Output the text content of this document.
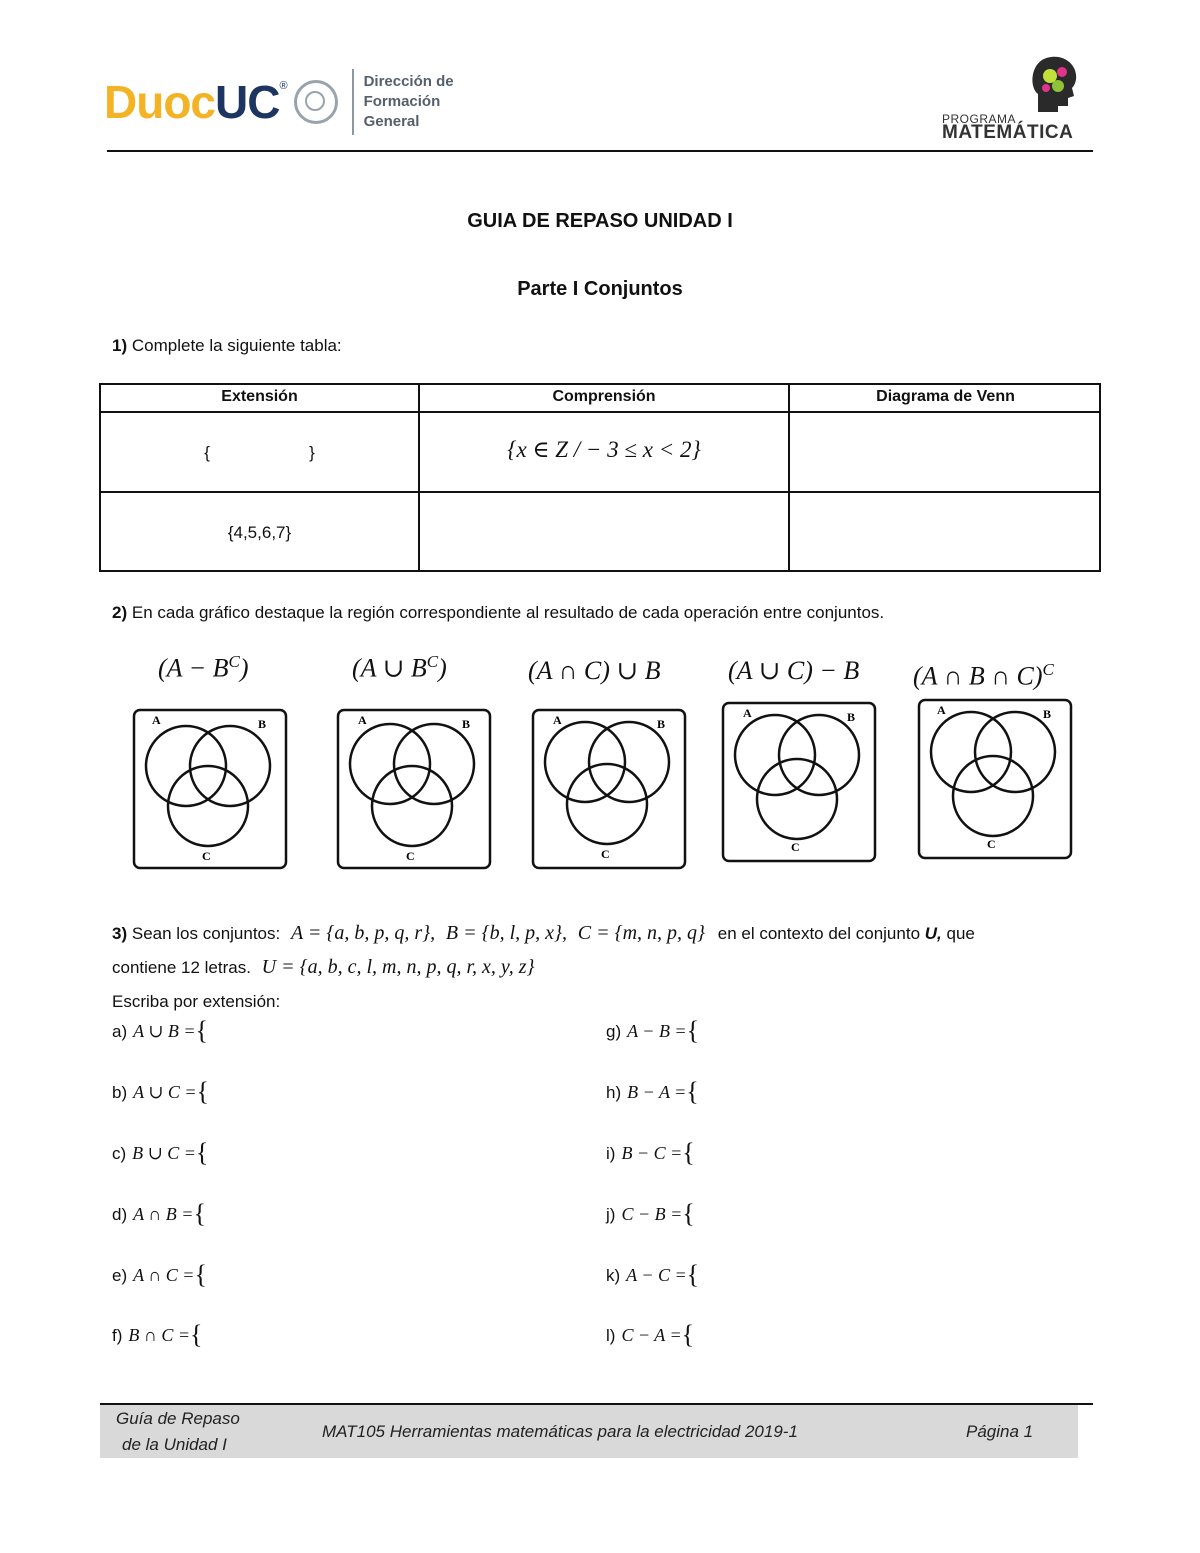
Duoc UC ®	Dirección de
Formación
General	PROGRAMA
MATEMÁTICA
GUIA DE REPASO UNIDAD I
Parte I Conjuntos
1) Complete la siguiente tabla:
Extensión	Comprensión	Diagrama de Venn
{                     }	{x ∈ Z / − 3 ≤ x < 2}
{4,5,6,7}
2) En cada gráfico destaque la región correspondiente al resultado de cada operación entre conjuntos.
$(A - B^C)$	(A ∪ $B^C$)	(A ∩ C) ∪ B	(A ∪ C) − B (A ∩ B ∩ C)$^C$
A	B
C
A	B
C
A	B
C
A	B
C
A	B
C
3) Sean los conjuntos: A = {a, b, p, q, r}, B = {b, l, p, x}, C = {m, n, p, q} en el contexto del conjunto U, que
contiene 12 letras. U = {a, b, c, l, m, n, p, q, r, x, y, z}
Escriba por extensión:
a) A ∪ B ={
b) A ∪ C ={
c) B ∪ C ={
d) A ∩ B ={
e) A ∩ C ={
f) B ∩ C ={
g) A − B ={
h) B − A ={
i) B − C ={
j) C − B ={
k) A − C ={
l) C − A ={
Guía de Repaso
de la Unidad I
MAT105 Herramientas matemáticas para la electricidad 2019-1	Página 1
